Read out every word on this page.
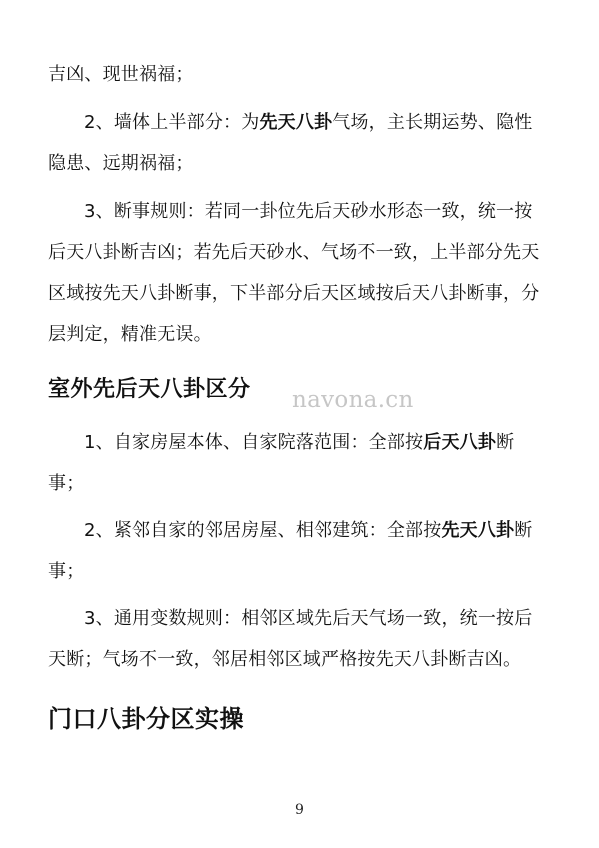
吉凶、现世祸福；
2、墙体上半部分：为先天八卦气场，主长期运势、隐性
隐患、远期祸福；
3、断事规则：若同一卦位先后天砂水形态一致，统一按
后天八卦断吉凶；若先后天砂水、气场不一致，上半部分先天
区域按先天八卦断事，下半部分后天区域按后天八卦断事，分
层判定，精准无误。
室外先后天八卦区分 navona.cn
1、自家房屋本体、自家院落范围：全部按后天八卦断
事；
2、紧邻自家的邻居房屋、相邻建筑：全部按先天八卦断
事；
3、通用变数规则：相邻区域先后天气场一致，统一按后
天断；气场不一致，邻居相邻区域严格按先天八卦断吉凶。
门口八卦分区实操
9
